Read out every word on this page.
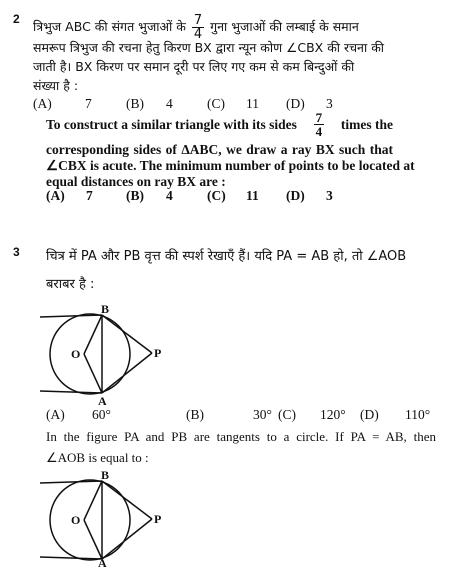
2 त्रिभुज ABC की संगत भुजाओं के $\frac{7}{4}$ गुना भुजाओं की लम्बाई के समान
समरूप त्रिभुज की रचना हेतु किरण BX द्वारा न्यून कोण ∠CBX की रचना की
जाती है। BX किरण पर समान दूरी पर लिए गए कम से कम बिन्दुओं की
संख्या है :
(A) 7	(B) 4	(C) 11 (D) 3
To construct a similar triangle with its sides $\frac{7}{4}$ times the
corresponding sides of ΔABC, we draw a ray BX such that
∠CBX is acute. The minimum number of points to be located at
equal distances on ray BX are :
(A) 7 (B) 4	(C) 11 (D) 3
3 चित्र में PA और PB वृत्त की स्पर्श रेखाएँ हैं। यदि PA = AB हो, तो ∠AOB
बराबर है :
B
O	P
A
(A) 60°	(B)	30° (C) 120° (D) 110°
In the figure PA and PB are tangents to a circle. If PA = AB, then
∠AOB is equal to :
B
O	P
A
